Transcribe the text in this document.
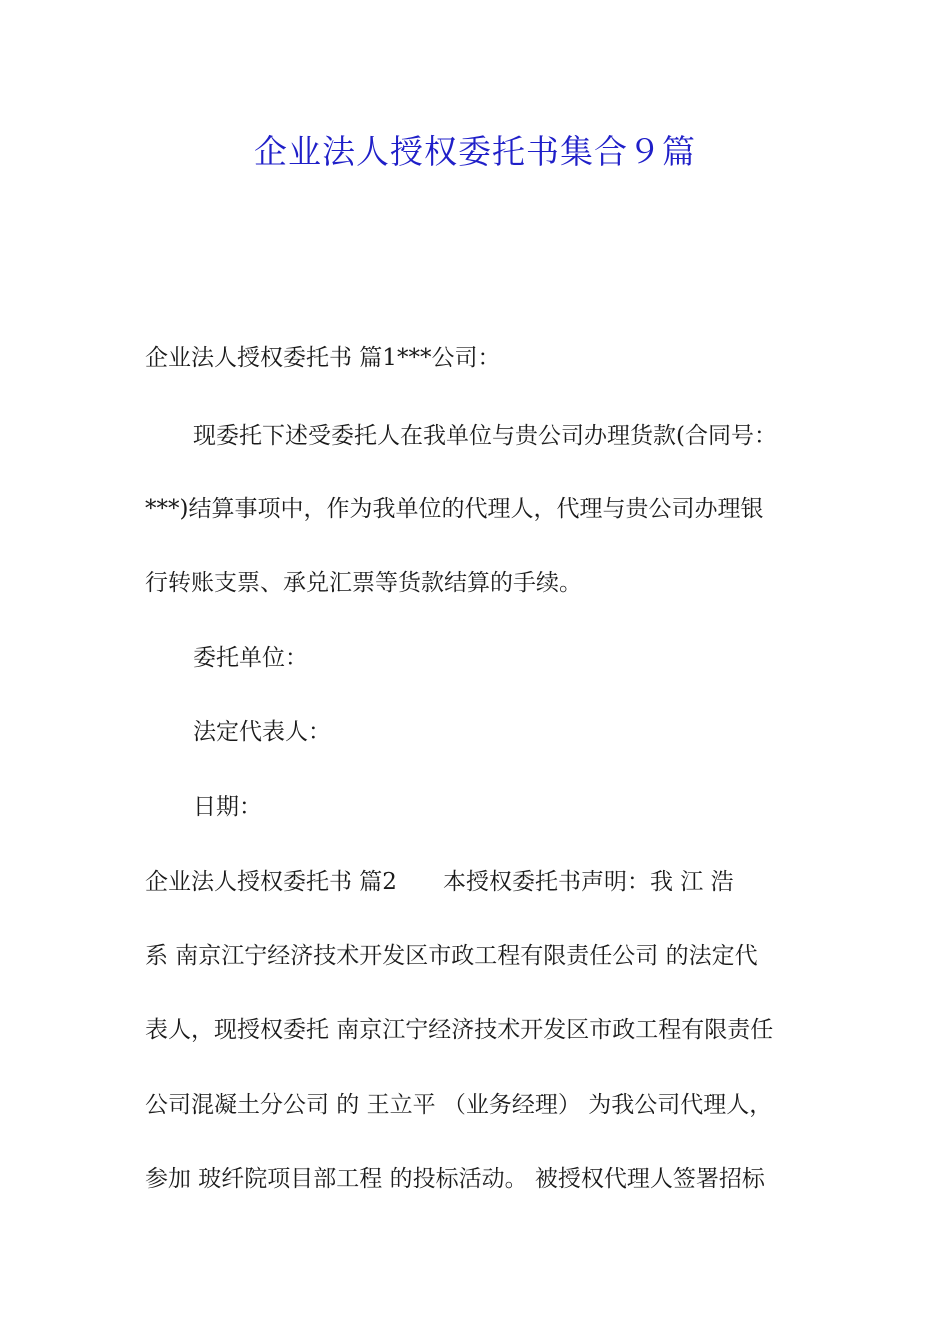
企业法人授权委托书集合９篇

企业法人授权委托书 篇1***公司：

现委托下述受委托人在我单位与贵公司办理货款(合同号：

***)结算事项中，作为我单位的代理人，代理与贵公司办理银

行转账支票、承兑汇票等货款结算的手续。

委托单位：

法定代表人：

日期：

企业法人授权委托书 篇2　　本授权委托书声明：我 江 浩

系 南京江宁经济技术开发区市政工程有限责任公司 的法定代

表人，现授权委托 南京江宁经济技术开发区市政工程有限责任

公司混凝土分公司 的 王立平 （业务经理） 为我公司代理人，

参加 玻纤院项目部工程 的投标活动。 被授权代理人签署招标
